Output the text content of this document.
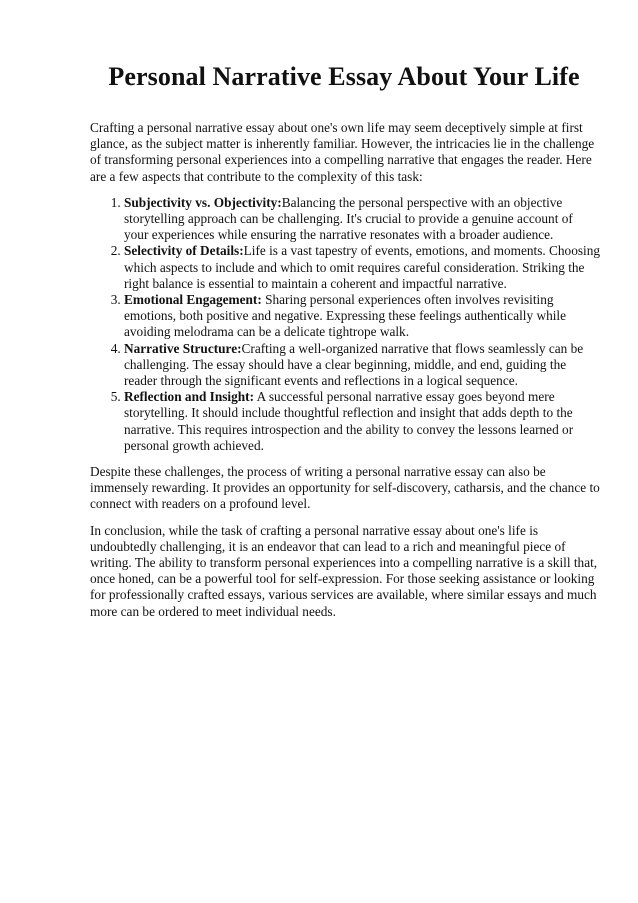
Personal Narrative Essay About Your Life

Crafting a personal narrative essay about one's own life may seem deceptively simple at first glance, as the subject matter is inherently familiar. However, the intricacies lie in the challenge of transforming personal experiences into a compelling narrative that engages the reader. Here are a few aspects that contribute to the complexity of this task:

1. Subjectivity vs. Objectivity:Balancing the personal perspective with an objective storytelling approach can be challenging. It's crucial to provide a genuine account of your experiences while ensuring the narrative resonates with a broader audience.
2. Selectivity of Details:Life is a vast tapestry of events, emotions, and moments. Choosing which aspects to include and which to omit requires careful consideration. Striking the right balance is essential to maintain a coherent and impactful narrative.
3. Emotional Engagement: Sharing personal experiences often involves revisiting emotions, both positive and negative. Expressing these feelings authentically while avoiding melodrama can be a delicate tightrope walk.
4. Narrative Structure:Crafting a well-organized narrative that flows seamlessly can be challenging. The essay should have a clear beginning, middle, and end, guiding the reader through the significant events and reflections in a logical sequence.
5. Reflection and Insight: A successful personal narrative essay goes beyond mere storytelling. It should include thoughtful reflection and insight that adds depth to the narrative. This requires introspection and the ability to convey the lessons learned or personal growth achieved.

Despite these challenges, the process of writing a personal narrative essay can also be immensely rewarding. It provides an opportunity for self-discovery, catharsis, and the chance to connect with readers on a profound level.

In conclusion, while the task of crafting a personal narrative essay about one's life is undoubtedly challenging, it is an endeavor that can lead to a rich and meaningful piece of writing. The ability to transform personal experiences into a compelling narrative is a skill that, once honed, can be a powerful tool for self-expression. For those seeking assistance or looking for professionally crafted essays, various services are available, where similar essays and much more can be ordered to meet individual needs.
